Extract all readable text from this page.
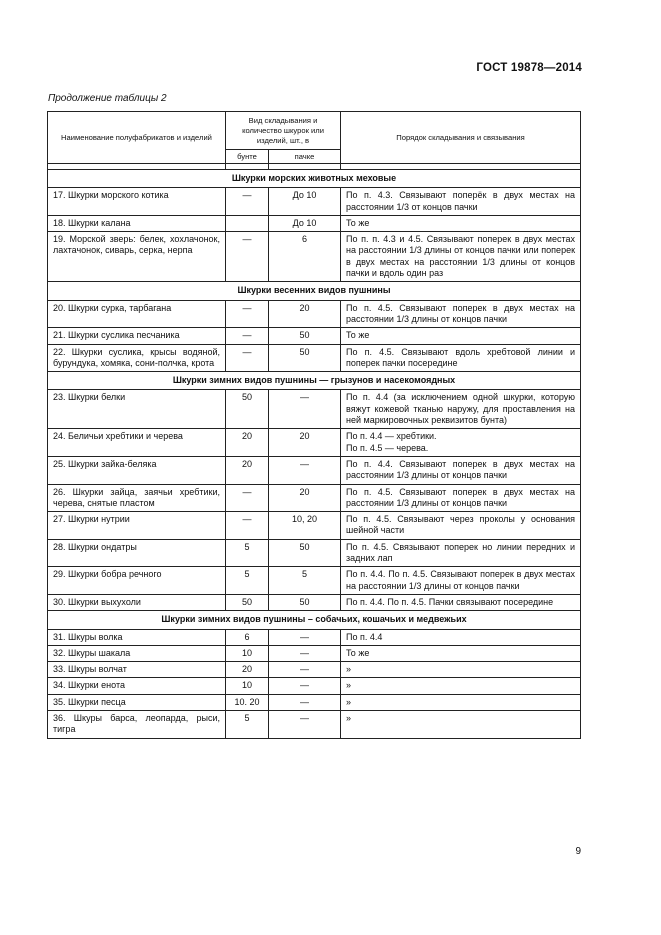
ГОСТ 19878—2014
Продолжение таблицы 2
Наименование полуфабрикатов и изделий	Вид складывания и количество шкурок или изделий, шт., в		Порядок складывания и связывания
	бунте	пачке	

Шкурки морских животных меховые			
17. Шкурки морского котика	—	До 10	По п. 4.3. Связывают поперёк в двух местах на расстоянии 1/3 от концов пачки
18. Шкурки калана		До 10	То же
19. Морской зверь: белек, хохлачонок, лахтачонок, сиварь, серка, нерпа	—	6	По п. п. 4.3 и 4.5. Связывают поперек в двух местах на расстоянии 1/3 длины от концов пачки или поперек в двух местах на расстоянии 1/3 длины от концов пачки и вдоль один раз
Шкурки весенних видов пушнины			
20. Шкурки сурка, тарбагана	—	20	По п. 4.5. Связывают поперек в двух местах на расстоянии 1/3 длины от концов пачки
21. Шкурки суслика песчаника	—	50	То же
22. Шкурки суслика, крысы водяной, бурундука, хомяка, сони-полчка, крота	—	50	По п. 4.5. Связывают вдоль хребтовой линии и поперек пачки посередине
Шкурки зимних видов пушнины — грызунов и насекомоядных			
23. Шкурки белки	50	—	По п. 4.4 (за исключением одной шкурки, которую вяжут кожевой тканью наружу, для проставления на ней маркировочных реквизитов бунта)
24. Беличьи хребтики и черева	20	20	По п. 4.4 — хребтики.
По п. 4.5 — черева.
25. Шкурки зайка-беляка	20	—	По п. 4.4. Связывают поперек в двух местах на расстоянии 1/3 длины от концов пачки
26. Шкурки зайца, заячьи хребтики, черева, снятые пластом	—	20	По п. 4.5. Связывают поперек в двух местах на расстоянии 1/3 длины от концов пачки
27. Шкурки нутрии	—	10, 20	По п. 4.5. Связывают через проколы у основания шейной части
28. Шкурки ондатры	5	50	По п. 4.5. Связывают поперек но линии передних и задних лап
29. Шкурки бобра речного	5	5	По п. 4.4. По п. 4.5. Связывают поперек в двух местах на расстоянии 1/3 длины от концов пачки
30. Шкурки выхухоли	50	50	По п. 4.4. По п. 4.5. Пачки связывают посередине
Шкурки зимних видов пушнины – собачьих, кошачьих и медвежьих			
31. Шкуры волка	6	—	По п. 4.4
32. Шкуры шакала	10	—	То же
33. Шкуры волчат	20	—	»
34. Шкурки енота	10	—	»
35. Шкурки песца	10. 20	—	»
36. Шкуры барса, леопарда, рыси, тигра	5	—	»
9
